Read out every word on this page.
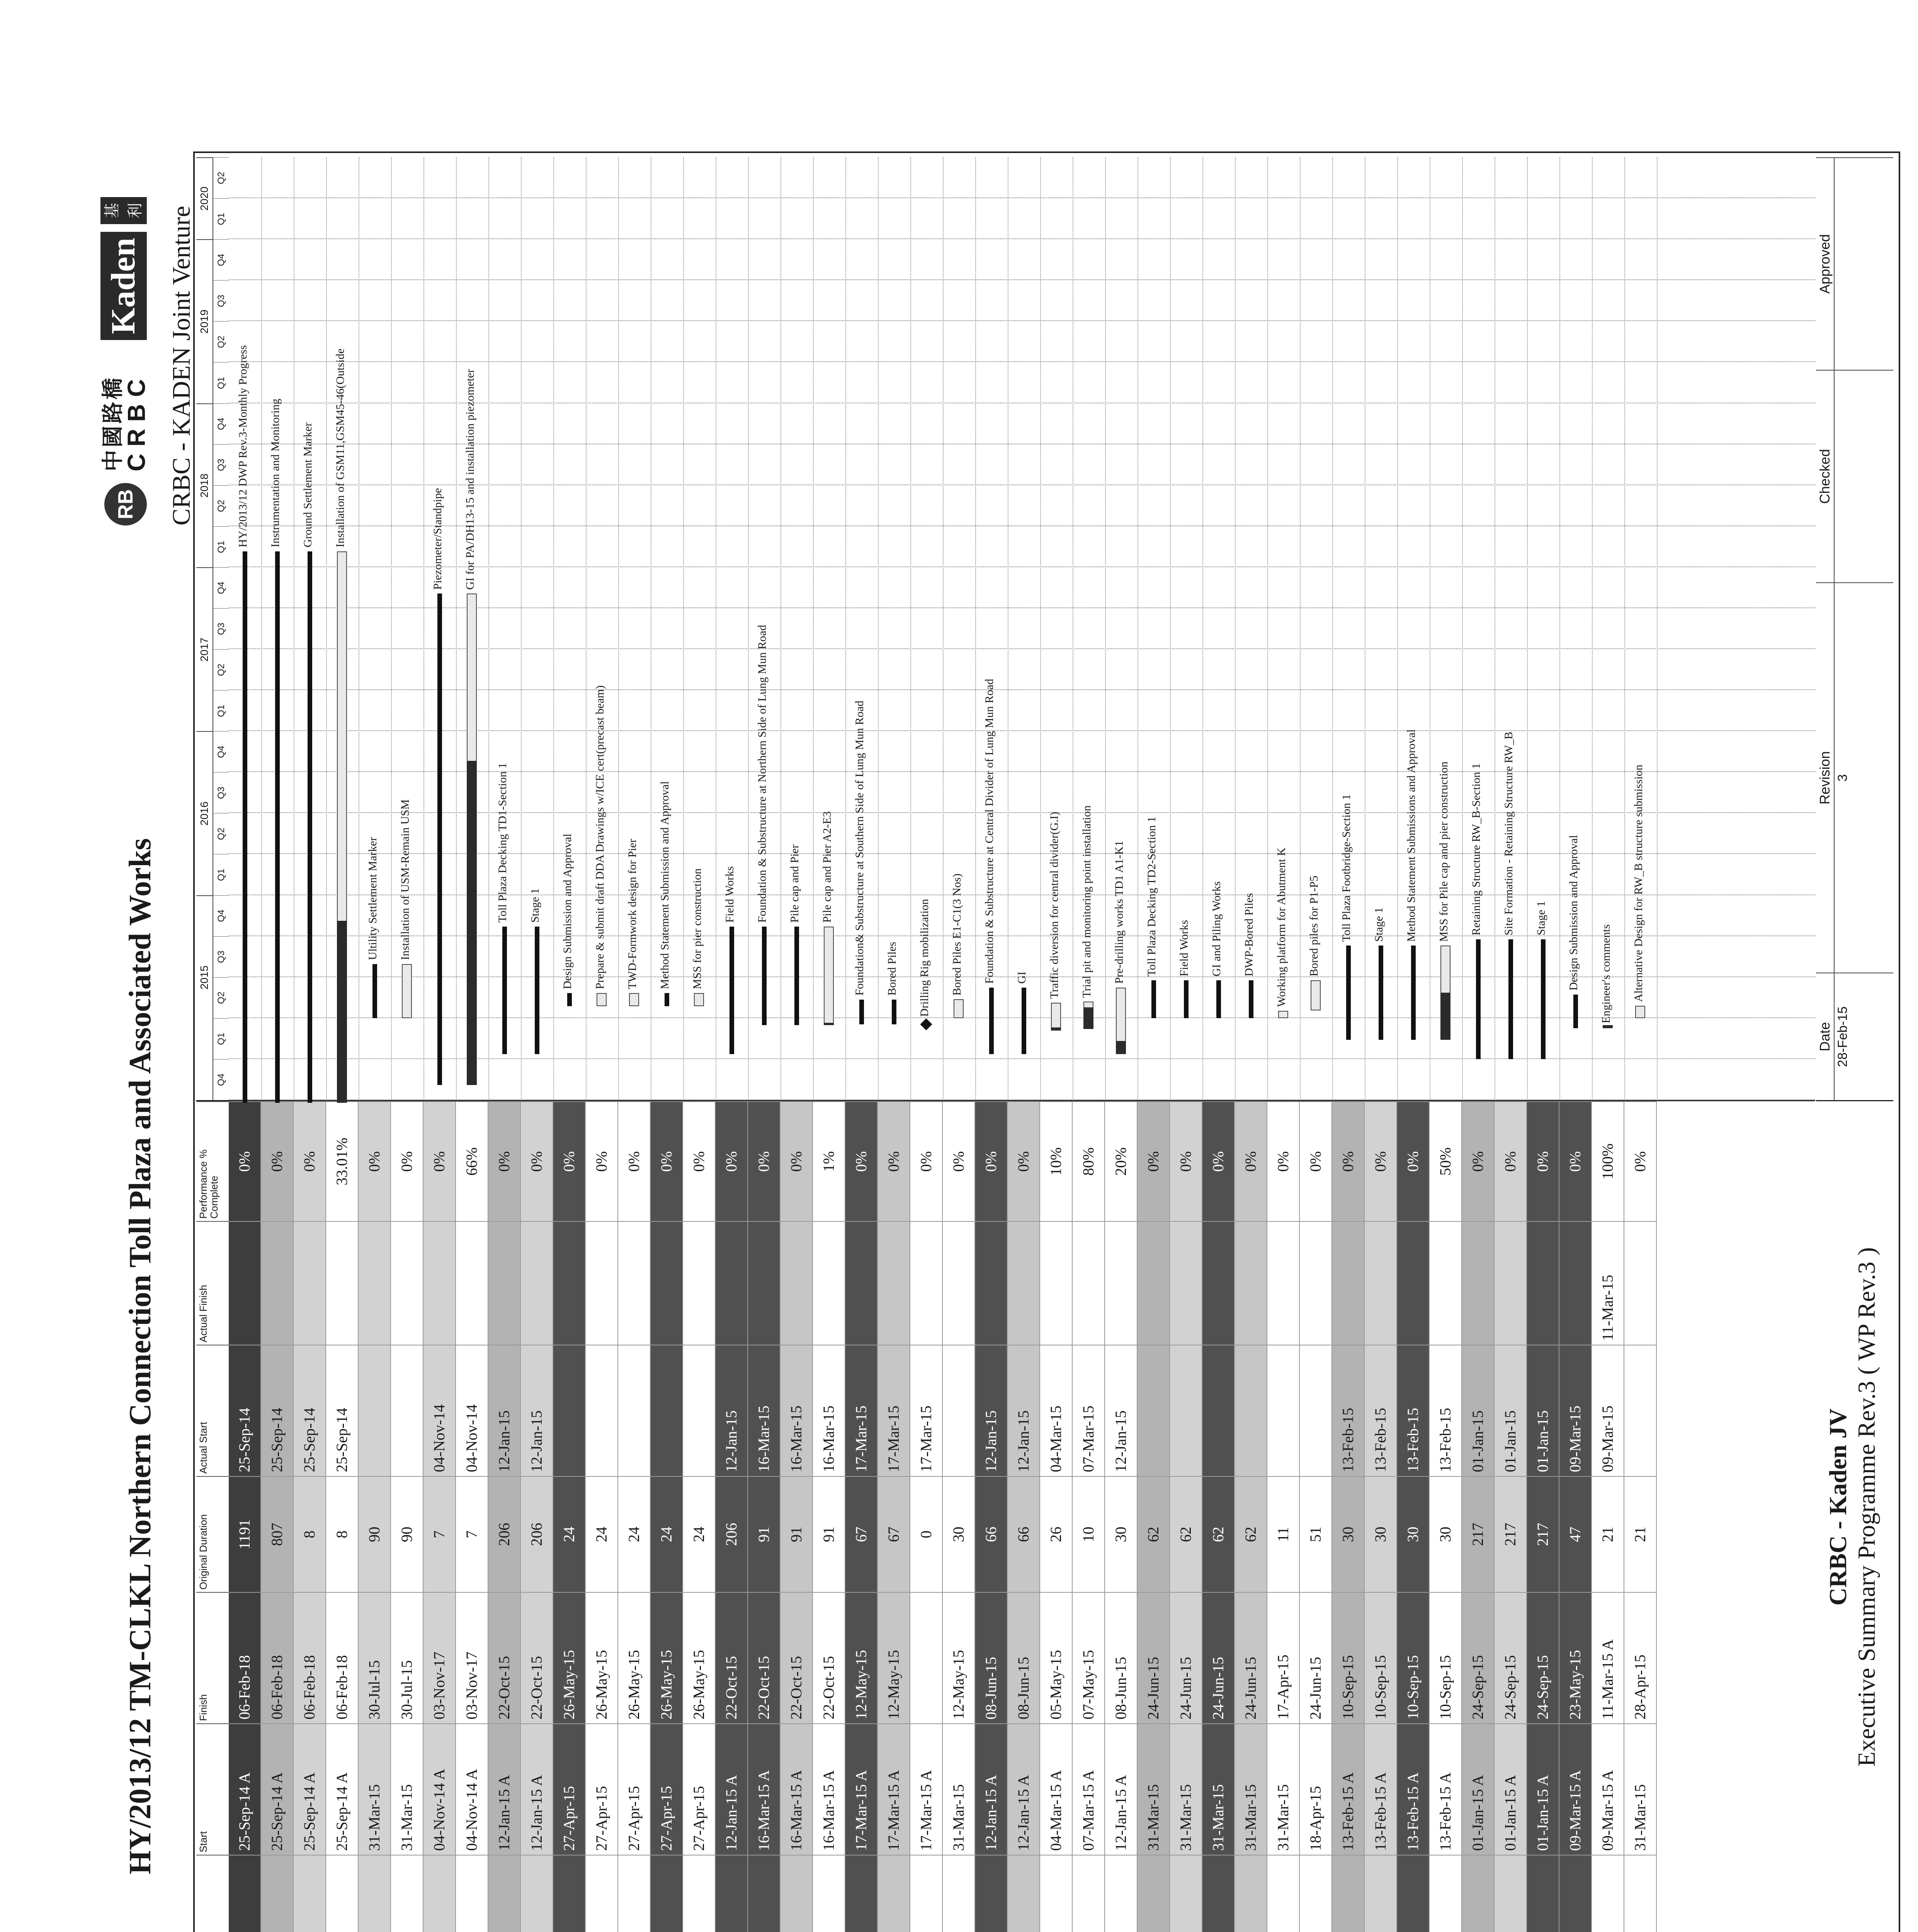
HY/2013/12 TM-CLKL Northern Connection Toll Plaza and Associated Works
RB
中國路橋
CRBC
Kaden
基利 CRBC - KADEN Joint Venture
Start
Finish
Original Duration
Actual Start
Actual Finish
Performance % Complete
25-Sep-14 A
06-Feb-18
1191
25-Sep-14
0%
25-Sep-14 A
06-Feb-18
807
25-Sep-14
0%
25-Sep-14 A
06-Feb-18
8
25-Sep-14
0%
25-Sep-14 A
06-Feb-18
8
25-Sep-14
33.01%
31-Mar-15
30-Jul-15
90
0%
31-Mar-15
30-Jul-15
90
0%
04-Nov-14 A
03-Nov-17
7
04-Nov-14
0%
04-Nov-14 A
03-Nov-17
7
04-Nov-14
66%
12-Jan-15 A
22-Oct-15
206
12-Jan-15
0%
12-Jan-15 A
22-Oct-15
206
12-Jan-15
0%
27-Apr-15
26-May-15
24
0%
27-Apr-15
26-May-15
24
0%
27-Apr-15
26-May-15
24
0%
27-Apr-15
26-May-15
24
0%
27-Apr-15
26-May-15
24
0%
12-Jan-15 A
22-Oct-15
206
12-Jan-15
0%
16-Mar-15 A
22-Oct-15
91
16-Mar-15
0%
16-Mar-15 A
22-Oct-15
91
16-Mar-15
0%
16-Mar-15 A
22-Oct-15
91
16-Mar-15
1%
17-Mar-15 A
12-May-15
67
17-Mar-15
0%
17-Mar-15 A
12-May-15
67
17-Mar-15
0%
17-Mar-15 A
0
17-Mar-15
0%
31-Mar-15
12-May-15
30
0%
12-Jan-15 A
08-Jun-15
66
12-Jan-15
0%
12-Jan-15 A
08-Jun-15
66
12-Jan-15
0%
04-Mar-15 A
05-May-15
26
04-Mar-15
10%
07-Mar-15 A
07-May-15
10
07-Mar-15
80%
12-Jan-15 A
08-Jun-15
30
12-Jan-15
20%
31-Mar-15
24-Jun-15
62
0%
31-Mar-15
24-Jun-15
62
0%
31-Mar-15
24-Jun-15
62
0%
31-Mar-15
24-Jun-15
62
0%
31-Mar-15
17-Apr-15
11
0%
18-Apr-15
24-Jun-15
51
0%
13-Feb-15 A
10-Sep-15
30
13-Feb-15
0%
13-Feb-15 A
10-Sep-15
30
13-Feb-15
0%
13-Feb-15 A
10-Sep-15
30
13-Feb-15
0%
13-Feb-15 A
10-Sep-15
30
13-Feb-15
50%
01-Jan-15 A
24-Sep-15
217
01-Jan-15
0%
01-Jan-15 A
24-Sep-15
217
01-Jan-15
0%
01-Jan-15 A
24-Sep-15
217
01-Jan-15
0%
09-Mar-15 A
23-May-15
47
09-Mar-15
0%
09-Mar-15 A
11-Mar-15 A
21
09-Mar-15
11-Mar-15
100%
31-Mar-15
28-Apr-15
21
0%
2015
2016
2017
2018
2019
2020
Q4
Q1
Q2
Q3
Q4
Q1
Q2
Q3
Q4
Q1
Q2
Q3
Q4
Q1
Q2
Q3
Q4
Q1
Q2
Q3
Q4
Q1
Q2
HY/2013/12 DWP Rev.3-Monthly Progress Instrumentation and Monitoring Ground Settlement Marker Installation of GSM11,GSM45-46(Outside
Ultility Settlement Marker Installation of USM-Remain USM
Piezometer/Standpipe GI for PA/DH13-15 and installation piezometer
Toll Plaza Decking TD1-Section 1 Stage 1 Design Submission and Approval Prepare & submit draft DDA Drawings w/ICE cert(precast beam) TWD-Formwork design for Pier Method Statement Submission and Approval MSS for pier construction Field Works Foundation & Substructure at Northern Side of Lung Mun Road Pile cap and Pier Pile cap and Pier A2-E3 Foundation& Substructure at Southern Side of Lung Mun Road Bored Piles Drilling Rig mobilization Bored Piles E1-C1(3 Nos) Foundation & Substructure at Central Divider of Lung Mun Road GI Traffic diversion for central divider(G.I) Trial pit and monitoring point installation Pre-drilling works TD1 A1-K1 Toll Plaza Decking TD2-Section 1 Field Works GI and Piling Works DWP-Bored Piles Working platform for Abutment K Bored piles for P1-P5 Toll Plaza Footbridge-Section 1 Stage 1 Method Statement Submissions and Approval MSS for Pile cap and pier construction Retaining Structure RW_B-Section 1 Site Formation - Retaining Structure RW_B Stage 1 Design Submission and Approval Engineer's comments Alternative Design for RW_B structure submission
CRBC - Kaden JV Executive Summary Programme Rev.3 ( WP Rev.3 )
Date 28-Feb-15
Revision 3
Checked
Approved
